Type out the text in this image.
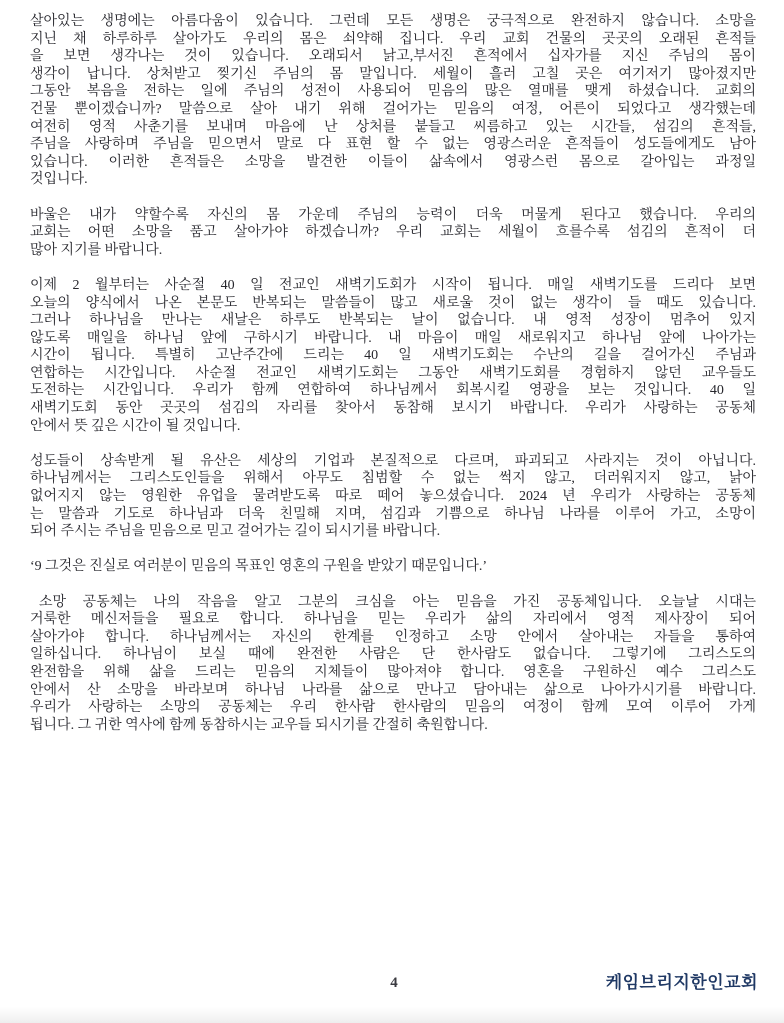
살아있는 생명에는 아름다움이 있습니다. 그런데 모든 생명은 궁극적으로 완전하지 않습니다. 소망을
지닌 채 하루하루 살아가도 우리의 몸은 쇠약해 집니다. 우리 교회 건물의 곳곳의 오래된 흔적들
을 보면 생각나는 것이 있습니다. 오래되서 낡고,부서진 흔적에서 십자가를 지신 주님의 몸이
생각이 납니다. 상처받고 찢기신 주님의 몸 말입니다. 세월이 흘러 고칠 곳은 여기저기 많아졌지만
그동안 복음을 전하는 일에 주님의 성전이 사용되어 믿음의 많은 열매를 맺게 하셨습니다. 교회의
건물 뿐이겠습니까? 말씀으로 살아 내기 위해 걸어가는 믿음의 여정, 어른이 되었다고 생각했는데
여전히 영적 사춘기를 보내며 마음에 난 상처를 붙들고 씨름하고 있는 시간들, 섬김의 흔적들,
주님을 사랑하며 주님을 믿으면서 말로 다 표현 할 수 없는 영광스러운 흔적들이 성도들에게도 남아
있습니다. 이러한 흔적들은 소망을 발견한 이들이 삶속에서 영광스런 몸으로 갈아입는 과정일
것입니다.
바울은 내가 약할수록 자신의 몸 가운데 주님의 능력이 더욱 머물게 된다고 했습니다. 우리의
교회는 어떤 소망을 품고 살아가야 하겠습니까? 우리 교회는 세월이 흐를수록 섬김의 흔적이 더
많아 지기를 바랍니다.
이제 2 월부터는 사순절 40 일 전교인 새벽기도회가 시작이 됩니다. 매일 새벽기도를 드리다 보면
오늘의 양식에서 나온 본문도 반복되는 말씀들이 많고 새로울 것이 없는 생각이 들 때도 있습니다.
그러나 하나님을 만나는 새날은 하루도 반복되는 날이 없습니다. 내 영적 성장이 멈추어 있지
않도록 매일을 하나님 앞에 구하시기 바랍니다. 내 마음이 매일 새로워지고 하나님 앞에 나아가는
시간이 됩니다. 특별히 고난주간에 드리는 40 일 새벽기도회는 수난의 길을 걸어가신 주님과
연합하는 시간입니다. 사순절 전교인 새벽기도회는 그동안 새벽기도회를 경험하지 않던 교우들도
도전하는 시간입니다. 우리가 함께 연합하여 하나님께서 회복시킬 영광을 보는 것입니다. 40 일
새벽기도회 동안 곳곳의 섬김의 자리를 찾아서 동참해 보시기 바랍니다. 우리가 사랑하는 공동체
안에서 뜻 깊은 시간이 될 것입니다.
성도들이 상속받게 될 유산은 세상의 기업과 본질적으로 다르며, 파괴되고 사라지는 것이 아닙니다.
하나님께서는 그리스도인들을 위해서 아무도 침범할 수 없는 썩지 않고, 더러워지지 않고, 낡아
없어지지 않는 영원한 유업을 물려받도록 따로 떼어 놓으셨습니다. 2024 년 우리가 사랑하는 공동체
는 말씀과 기도로 하나님과 더욱 친밀해 지며, 섬김과 기쁨으로 하나님 나라를 이루어 가고, 소망이
되어 주시는 주님을 믿음으로 믿고 걸어가는 길이 되시기를 바랍니다.
‘9 그것은 진실로 여러분이 믿음의 목표인 영혼의 구원을 받았기 때문입니다.’
소망 공동체는 나의 작음을 알고 그분의 크심을 아는 믿음을 가진 공동체입니다. 오늘날 시대는
거룩한 메신저들을 필요로 합니다. 하나님을 믿는 우리가 삶의 자리에서 영적 제사장이 되어
살아가야 합니다. 하나님께서는 자신의 한계를 인정하고 소망 안에서 살아내는 자들을 통하여
일하십니다. 하나님이 보실 때에 완전한 사람은 단 한사람도 없습니다. 그렇기에 그리스도의
완전함을 위해 삶을 드리는 믿음의 지체들이 많아져야 합니다. 영혼을 구원하신 예수 그리스도
안에서 산 소망을 바라보며 하나님 나라를 삶으로 만나고 담아내는 삶으로 나아가시기를 바랍니다.
우리가 사랑하는 소망의 공동체는 우리 한사람 한사람의 믿음의 여정이 함께 모여 이루어 가게
됩니다. 그 귀한 역사에 함께 동참하시는 교우들 되시기를 간절히 축원합니다.
4	케임브리지한인교회
